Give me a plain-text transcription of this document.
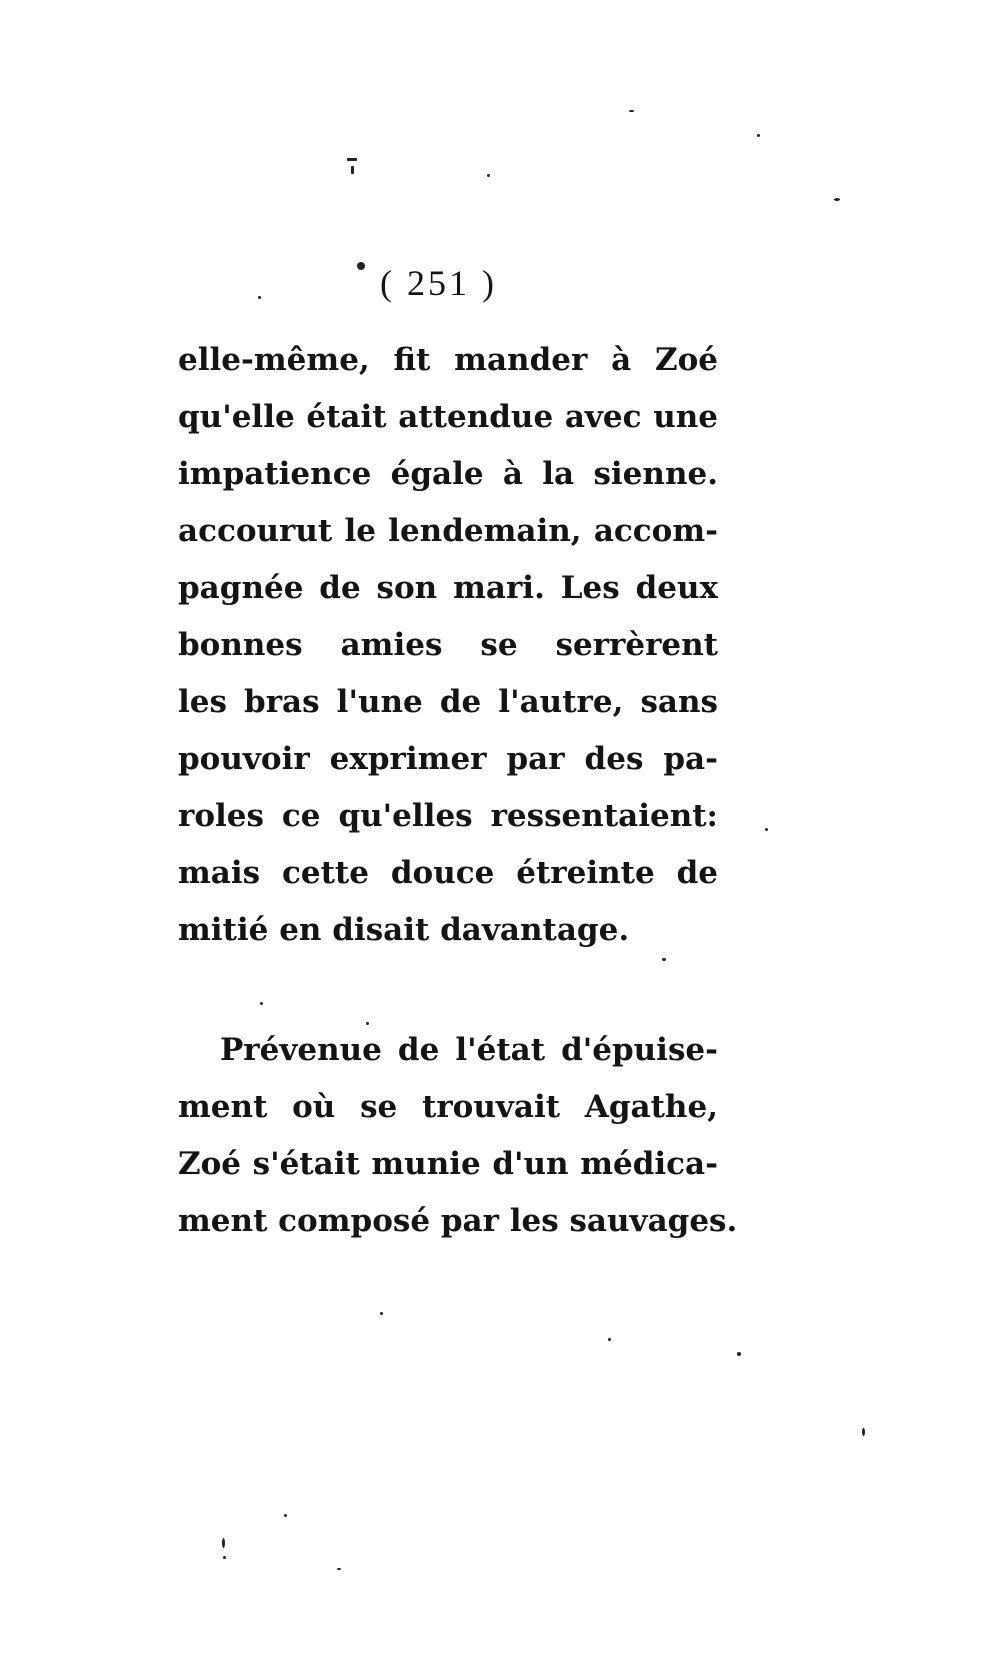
( 251 )
elle-même, fit mander à Zoé
qu'elle était attendue avec une
impatience égale à la sienne.
accourut le lendemain, accom-
pagnée de son mari. Les deux
bonnes amies se serrèrent
les bras l'une de l'autre, sans
pouvoir exprimer par des pa-
roles ce qu'elles ressentaient:
mais cette douce étreinte de
mitié en disait davantage.
Prévenue de l'état d'épuise-
ment où se trouvait Agathe,
Zoé s'était munie d'un médica-
ment composé par les sauvages.
